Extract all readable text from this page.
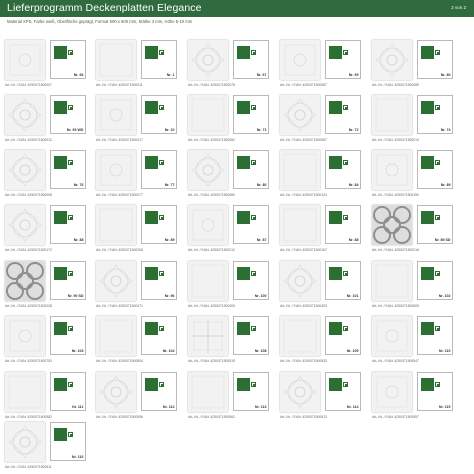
Lieferprogramm Deckenplatten Elegance	2 von 2
Material XPS, Farbe weiß, Oberfläche geprägt, Format 500 x 500 mm, Stärke 3 mm, Höhe 5-10 mm
Nr. 66
Art.-Nr. / EAN: 4250071500007
Nr. 1
Art.-Nr. / EAN: 4250071500011
Nr. 67
Art.-Nr. / EAN: 4250071500078
Nr. 69
Art.-Nr. / EAN: 4250071500087
Nr. 80
Art.-Nr. / EAN: 4250071500089
Nr. 69 WD
Art.-Nr. / EAN: 4250071500012
Nr. 10
Art.-Nr. / EAN: 4250071500017
Nr. 71
Art.-Nr. / EAN: 4250071500082
Nr. 72
Art.-Nr. / EAN: 4250071500087
Nr. 74
Art.-Nr. / EAN: 4250071500014
Nr. 76
Art.-Nr. / EAN: 4250071500008
Nr. 77
Art.-Nr. / EAN: 4250071500077
Nr. 80
Art.-Nr. / EAN: 4250071500080
Nr. 84
Art.-Nr. / EAN: 4250071500124
Nr. 89
Art.-Nr. / EAN: 4250071500190
Nr. 88
Art.-Nr. / EAN: 4250071500172
Nr. 89
Art.-Nr. / EAN: 4250071500208
Nr. 87
Art.-Nr. / EAN: 4250071500212
Nr. 88
Art.-Nr. / EAN: 4250071500167
Nr. 89 SD
Art.-Nr. / EAN: 4250071500216
Nr. 90 SD
Art.-Nr. / EAN: 4250071500228
Nr. 96
Art.-Nr. / EAN: 4250071500471
Nr. 100
Art.-Nr. / EAN: 4250071500493
Nr. 101
Art.-Nr. / EAN: 4250071500493
Nr. 102
Art.-Nr. / EAN: 4250071500505
Nr. 103
Art.-Nr. / EAN: 4250071500753
Nr. 104
Art.-Nr. / EAN: 4250071500804
Nr. 108
Art.-Nr. / EAN: 4250071500519
Nr. 109
Art.-Nr. / EAN: 4250071500533
Nr. 110
Art.-Nr. / EAN: 4250071500547
Nr. 111
Art.-Nr. / EAN: 4250071500582
Nr. 112
Art.-Nr. / EAN: 4250071500596
Nr. 113
Art.-Nr. / EAN: 4250071500561
Nr. 114
Art.-Nr. / EAN: 4250071500613
Nr. 115
Art.-Nr. / EAN: 4250071500597
Nr. 116
Art.-Nr. / EAN: 4250071500611
